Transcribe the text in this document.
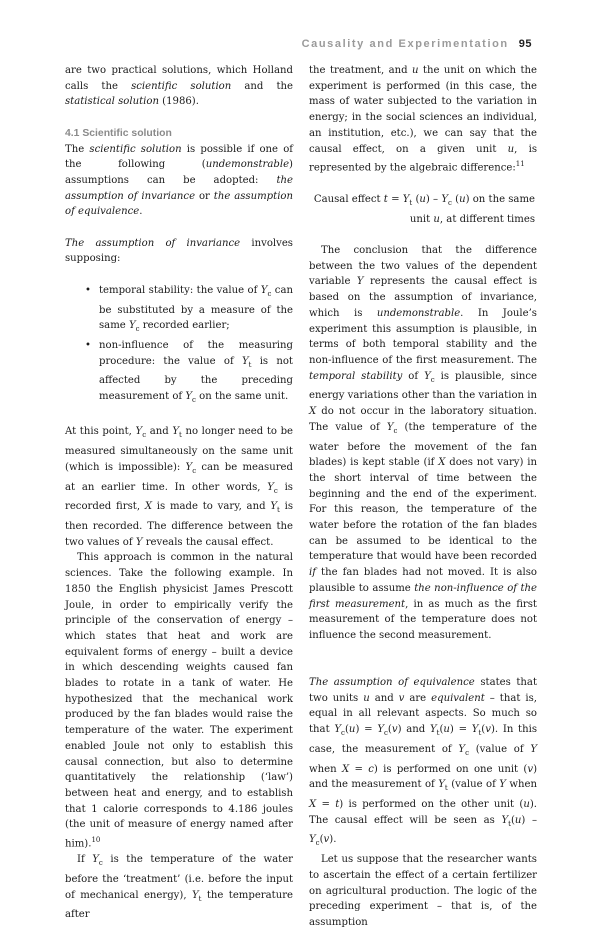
Causality and Experimentation 95

are two practical solutions, which Holland calls the scientific solution and the statistical solution (1986).

4.1 Scientific solution

The scientific solution is possible if one of the following (undemonstrable) assumptions can be adopted: the assumption of invariance or the assumption of equivalence.

The assumption of invariance involves supposing:

• temporal stability: the value of $Y_c$ can be substituted by a measure of the same $Y_c$ recorded earlier;
• non-influence of the measuring procedure: the value of $Y_t$ is not affected by the preceding measurement of $Y_c$ on the same unit.

At this point, $Y_c$ and $Y_t$ no longer need to be measured simultaneously on the same unit (which is impossible): $Y_c$ can be measured at an earlier time. In other words, $Y_c$ is recorded first, X is made to vary, and $Y_t$ is then recorded. The difference between the two values of Y reveals the causal effect.

This approach is common in the natural sciences. Take the following example. In 1850 the English physicist James Prescott Joule, in order to empirically verify the principle of the conservation of energy – which states that heat and work are equivalent forms of energy – built a device in which descending weights caused fan blades to rotate in a tank of water. He hypothesized that the mechanical work produced by the fan blades would raise the temperature of the water. The experiment enabled Joule not only to establish this causal connection, but also to determine quantitatively the relationship (‘law’) between heat and energy, and to establish that 1 calorie corresponds to 4.186 joules (the unit of measure of energy named after him).$^{10}$

If $Y_c$ is the temperature of the water before the ‘treatment’ (i.e. before the input of mechanical energy), $Y_t$ the temperature after

the treatment, and u the unit on which the experiment is performed (in this case, the mass of water subjected to the variation in energy; in the social sciences an individual, an institution, etc.), we can say that the causal effect, on a given unit u, is represented by the algebraic difference:$^{11}$

Causal effect $t = Y_t$ $(u) - Y_c$ (u) on the same
unit u, at different times

The conclusion that the difference between the two values of the dependent variable Y represents the causal effect is based on the assumption of invariance, which is undemonstrable. In Joule’s experiment this assumption is plausible, in terms of both temporal stability and the non-influence of the first measurement. The temporal stability of $Y_c$ is plausible, since energy variations other than the variation in X do not occur in the laboratory situation. The value of $Y_c$ (the temperature of the water before the movement of the fan blades) is kept stable (if X does not vary) in the short interval of time between the beginning and the end of the experiment. For this reason, the temperature of the water before the rotation of the fan blades can be assumed to be identical to the temperature that would have been recorded if the fan blades had not moved. It is also plausible to assume the non-influence of the first measurement, in as much as the first measurement of the temperature does not influence the second measurement.

The assumption of equivalence states that two units u and v are equivalent – that is, equal in all relevant aspects. So much so that $Y_c(u) = Y_c(v)$ and $Y_t(u) = Y_t(v)$. In this case, the measurement of $Y_c$ (value of Y when X = c) is performed on one unit (v) and the measurement of $Y_t$ (value of Y when X = t) is performed on the other unit (u). The causal effect will be seen as $Y_t(u) - Y_c(v)$.

Let us suppose that the researcher wants to ascertain the effect of a certain fertilizer on agricultural production. The logic of the preceding experiment – that is, of the assumption
